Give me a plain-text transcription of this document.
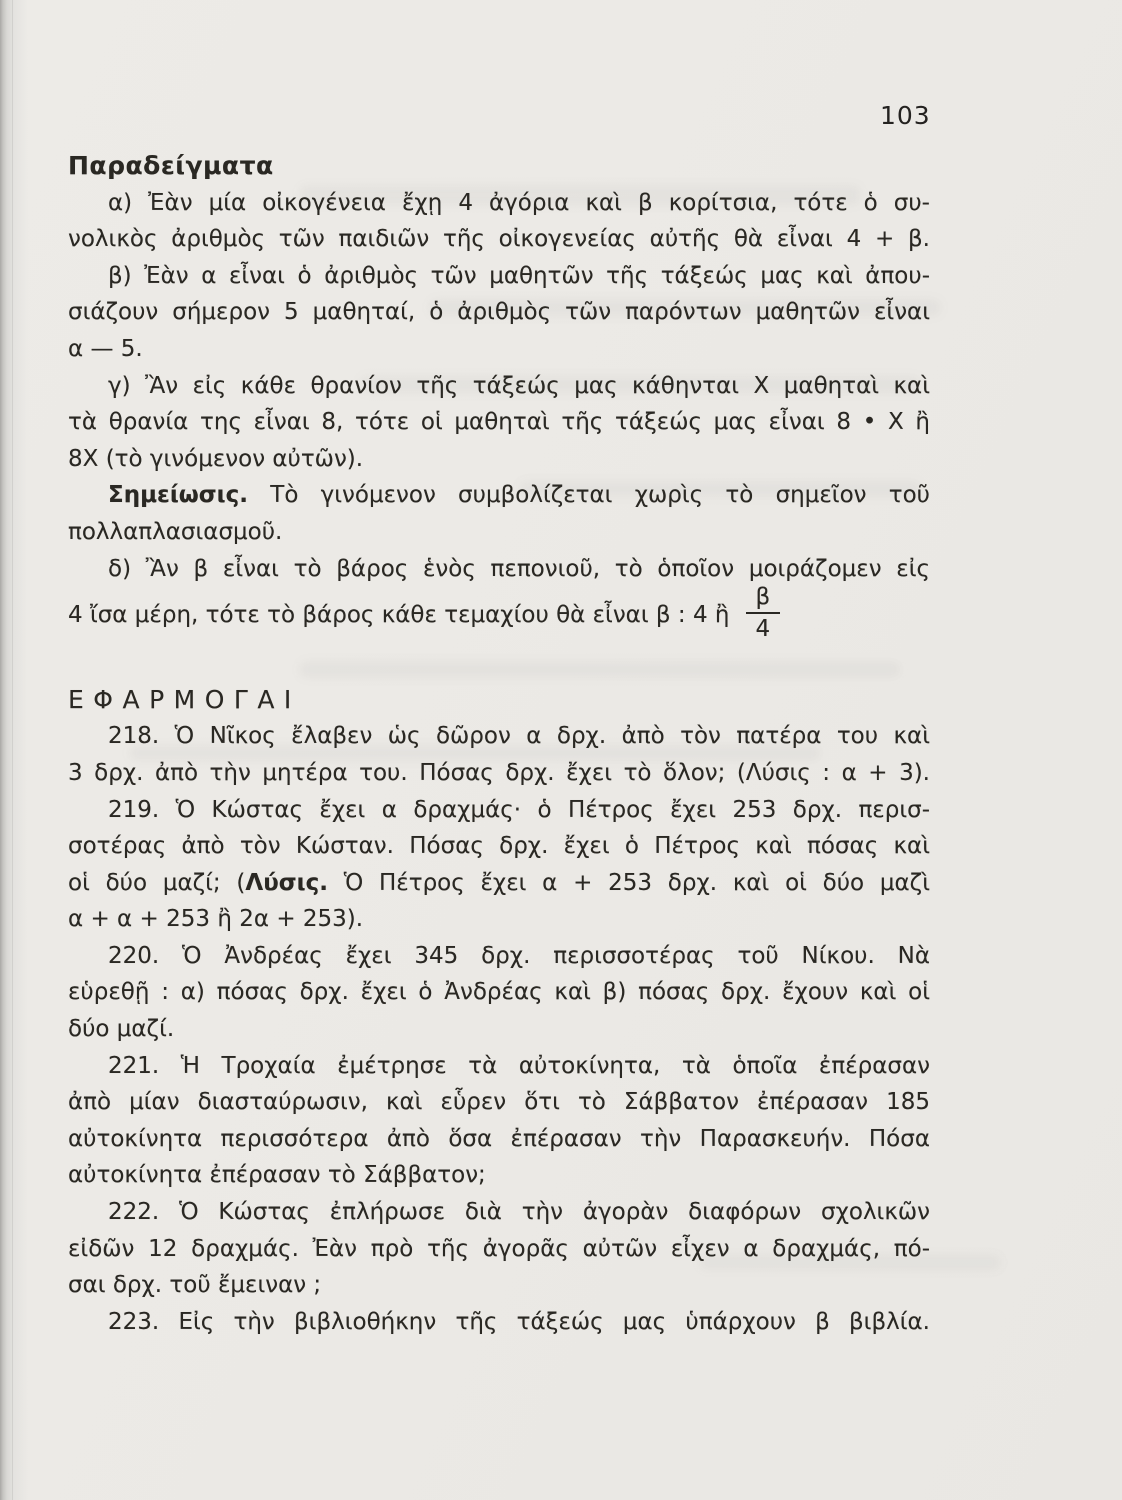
103
Παραδείγματα

α) Ἐὰν μία οἰκογένεια ἔχῃ 4 ἀγόρια καὶ β κορίτσια, τότε ὁ συ-
νολικὸς ἀριθμὸς τῶν παιδιῶν τῆς οἰκογενείας αὐτῆς θὰ εἶναι 4 + β.

β) Ἐὰν α εἶναι ὁ ἀριθμὸς τῶν μαθητῶν τῆς τάξεώς μας καὶ ἀπου-
σιάζουν σήμερον 5 μαθηταί, ὁ ἀριθμὸς τῶν παρόντων μαθητῶν εἶναι
α — 5.

γ) Ἂν εἰς κάθε θρανίον τῆς τάξεώς μας κάθηνται Χ μαθηταὶ καὶ
τὰ θρανία της εἶναι 8, τότε οἱ μαθηταὶ τῆς τάξεώς μας εἶναι 8 • Χ ἢ
8Χ (τὸ γινόμενον αὐτῶν).

Σημείωσις. Τὸ γινόμενον συμβολίζεται χωρὶς τὸ σημεῖον τοῦ
πολλαπλασιασμοῦ.

δ) Ἂν β εἶναι τὸ βάρος ἑνὸς πεπονιοῦ, τὸ ὁποῖον μοιράζομεν εἰς
4 ἴσα μέρη, τότε τὸ βάρος κάθε τεμαχίου θὰ εἶναι β : 4 ἢ $\frac{\beta}{4}$

ΕΦΑΡΜΟΓΑΙ

218. Ὁ Νῖκος ἔλαβεν ὡς δῶρον α δρχ. ἀπὸ τὸν πατέρα του καὶ
3 δρχ. ἀπὸ τὴν μητέρα του. Πόσας δρχ. ἔχει τὸ ὅλον; (Λύσις : α + 3).

219. Ὁ Κώστας ἔχει α δραχμάς· ὁ Πέτρος ἔχει 253 δρχ. περισ-
σοτέρας ἀπὸ τὸν Κώσταν. Πόσας δρχ. ἔχει ὁ Πέτρος καὶ πόσας καὶ
οἱ δύο μαζί; (Λύσις. Ὁ Πέτρος ἔχει α + 253 δρχ. καὶ οἱ δύο μαζὶ
α + α + 253 ἢ 2α + 253).

220. Ὁ Ἀνδρέας ἔχει 345 δρχ. περισσοτέρας τοῦ Νίκου. Νὰ
εὑρεθῇ : α) πόσας δρχ. ἔχει ὁ Ἀνδρέας καὶ β) πόσας δρχ. ἔχουν καὶ οἱ
δύο μαζί.

221. Ἡ Τροχαία ἐμέτρησε τὰ αὐτοκίνητα, τὰ ὁποῖα ἐπέρασαν
ἀπὸ μίαν διασταύρωσιν, καὶ εὗρεν ὅτι τὸ Σάββατον ἐπέρασαν 185
αὐτοκίνητα περισσότερα ἀπὸ ὅσα ἐπέρασαν τὴν Παρασκευήν. Πόσα
αὐτοκίνητα ἐπέρασαν τὸ Σάββατον;

222. Ὁ Κώστας ἐπλήρωσε διὰ τὴν ἀγορὰν διαφόρων σχολικῶν
εἰδῶν 12 δραχμάς. Ἐὰν πρὸ τῆς ἀγορᾶς αὐτῶν εἶχεν α δραχμάς, πό-
σαι δρχ. τοῦ ἔμειναν ;

223. Εἰς τὴν βιβλιοθήκην τῆς τάξεώς μας ὑπάρχουν β βιβλία.
